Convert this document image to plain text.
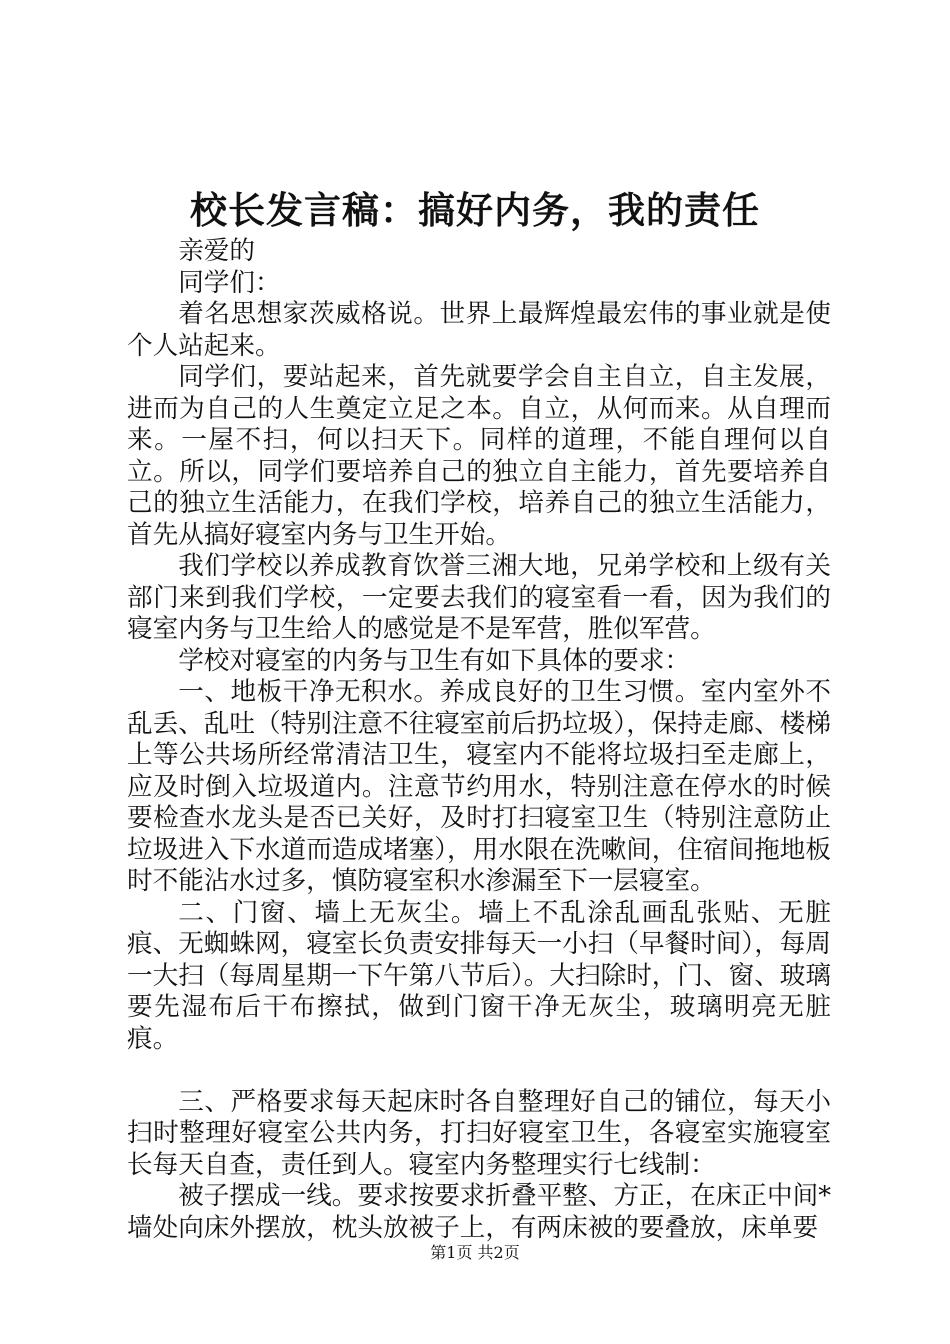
校长发言稿：搞好内务，我的责任

亲爱的

同学们：

着名思想家茨威格说。世界上最辉煌最宏伟的事业就是使个人站起来。

同学们，要站起来，首先就要学会自主自立，自主发展，进而为自己的人生奠定立足之本。自立，从何而来。从自理而来。一屋不扫，何以扫天下。同样的道理，不能自理何以自立。所以，同学们要培养自己的独立自主能力，首先要培养自己的独立生活能力，在我们学校，培养自己的独立生活能力，首先从搞好寝室内务与卫生开始。

我们学校以养成教育饮誉三湘大地，兄弟学校和上级有关部门来到我们学校，一定要去我们的寝室看一看，因为我们的寝室内务与卫生给人的感觉是不是军营，胜似军营。

学校对寝室的内务与卫生有如下具体的要求：

一、地板干净无积水。养成良好的卫生习惯。室内室外不乱丢、乱吐（特别注意不往寝室前后扔垃圾），保持走廊、楼梯上等公共场所经常清洁卫生，寝室内不能将垃圾扫至走廊上，应及时倒入垃圾道内。注意节约用水，特别注意在停水的时候要检查水龙头是否已关好，及时打扫寝室卫生（特别注意防止垃圾进入下水道而造成堵塞），用水限在洗嗽间，住宿间拖地板时不能沾水过多，慎防寝室积水渗漏至下一层寝室。

二、门窗、墙上无灰尘。墙上不乱涂乱画乱张贴、无脏痕、无蜘蛛网，寝室长负责安排每天一小扫（早餐时间），每周一大扫（每周星期一下午第八节后）。大扫除时，门、窗、玻璃要先湿布后干布擦拭，做到门窗干净无灰尘，玻璃明亮无脏痕。

三、严格要求每天起床时各自整理好自己的铺位，每天小扫时整理好寝室公共内务，打扫好寝室卫生，各寝室实施寝室长每天自查，责任到人。寝室内务整理实行七线制：

被子摆成一线。要求按要求折叠平整、方正，在床正中间*墙处向床外摆放，枕头放被子上，有两床被的要叠放，床单要

第1页 共2页
